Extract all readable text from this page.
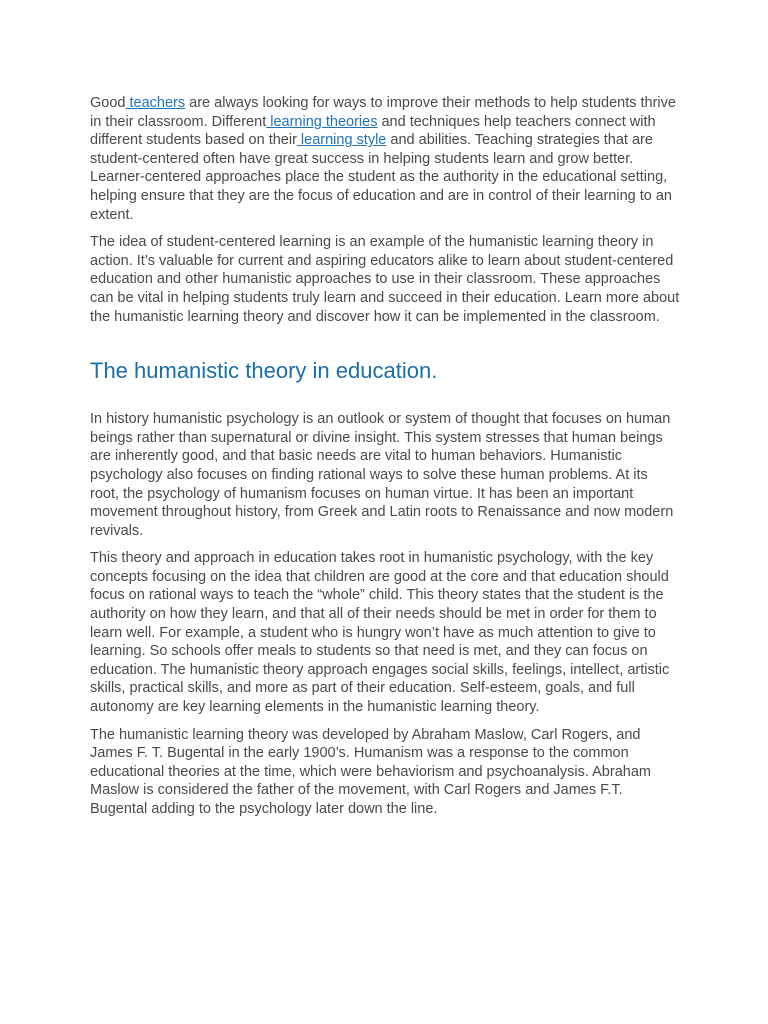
Good teachers are always looking for ways to improve their methods to help students thrive in their classroom. Different learning theories and techniques help teachers connect with different students based on their learning style and abilities. Teaching strategies that are student-centered often have great success in helping students learn and grow better. Learner-centered approaches place the student as the authority in the educational setting, helping ensure that they are the focus of education and are in control of their learning to an extent.

The idea of student-centered learning is an example of the humanistic learning theory in action. It’s valuable for current and aspiring educators alike to learn about student-centered education and other humanistic approaches to use in their classroom. These approaches can be vital in helping students truly learn and succeed in their education. Learn more about the humanistic learning theory and discover how it can be implemented in the classroom.

The humanistic theory in education.

In history humanistic psychology is an outlook or system of thought that focuses on human beings rather than supernatural or divine insight. This system stresses that human beings are inherently good, and that basic needs are vital to human behaviors. Humanistic psychology also focuses on finding rational ways to solve these human problems. At its root, the psychology of humanism focuses on human virtue. It has been an important movement throughout history, from Greek and Latin roots to Renaissance and now modern revivals.

This theory and approach in education takes root in humanistic psychology, with the key concepts focusing on the idea that children are good at the core and that education should focus on rational ways to teach the “whole” child. This theory states that the student is the authority on how they learn, and that all of their needs should be met in order for them to learn well. For example, a student who is hungry won’t have as much attention to give to learning. So schools offer meals to students so that need is met, and they can focus on education. The humanistic theory approach engages social skills, feelings, intellect, artistic skills, practical skills, and more as part of their education. Self-esteem, goals, and full autonomy are key learning elements in the humanistic learning theory.

The humanistic learning theory was developed by Abraham Maslow, Carl Rogers, and James F. T. Bugental in the early 1900’s. Humanism was a response to the common educational theories at the time, which were behaviorism and psychoanalysis. Abraham Maslow is considered the father of the movement, with Carl Rogers and James F.T. Bugental adding to the psychology later down the line.
